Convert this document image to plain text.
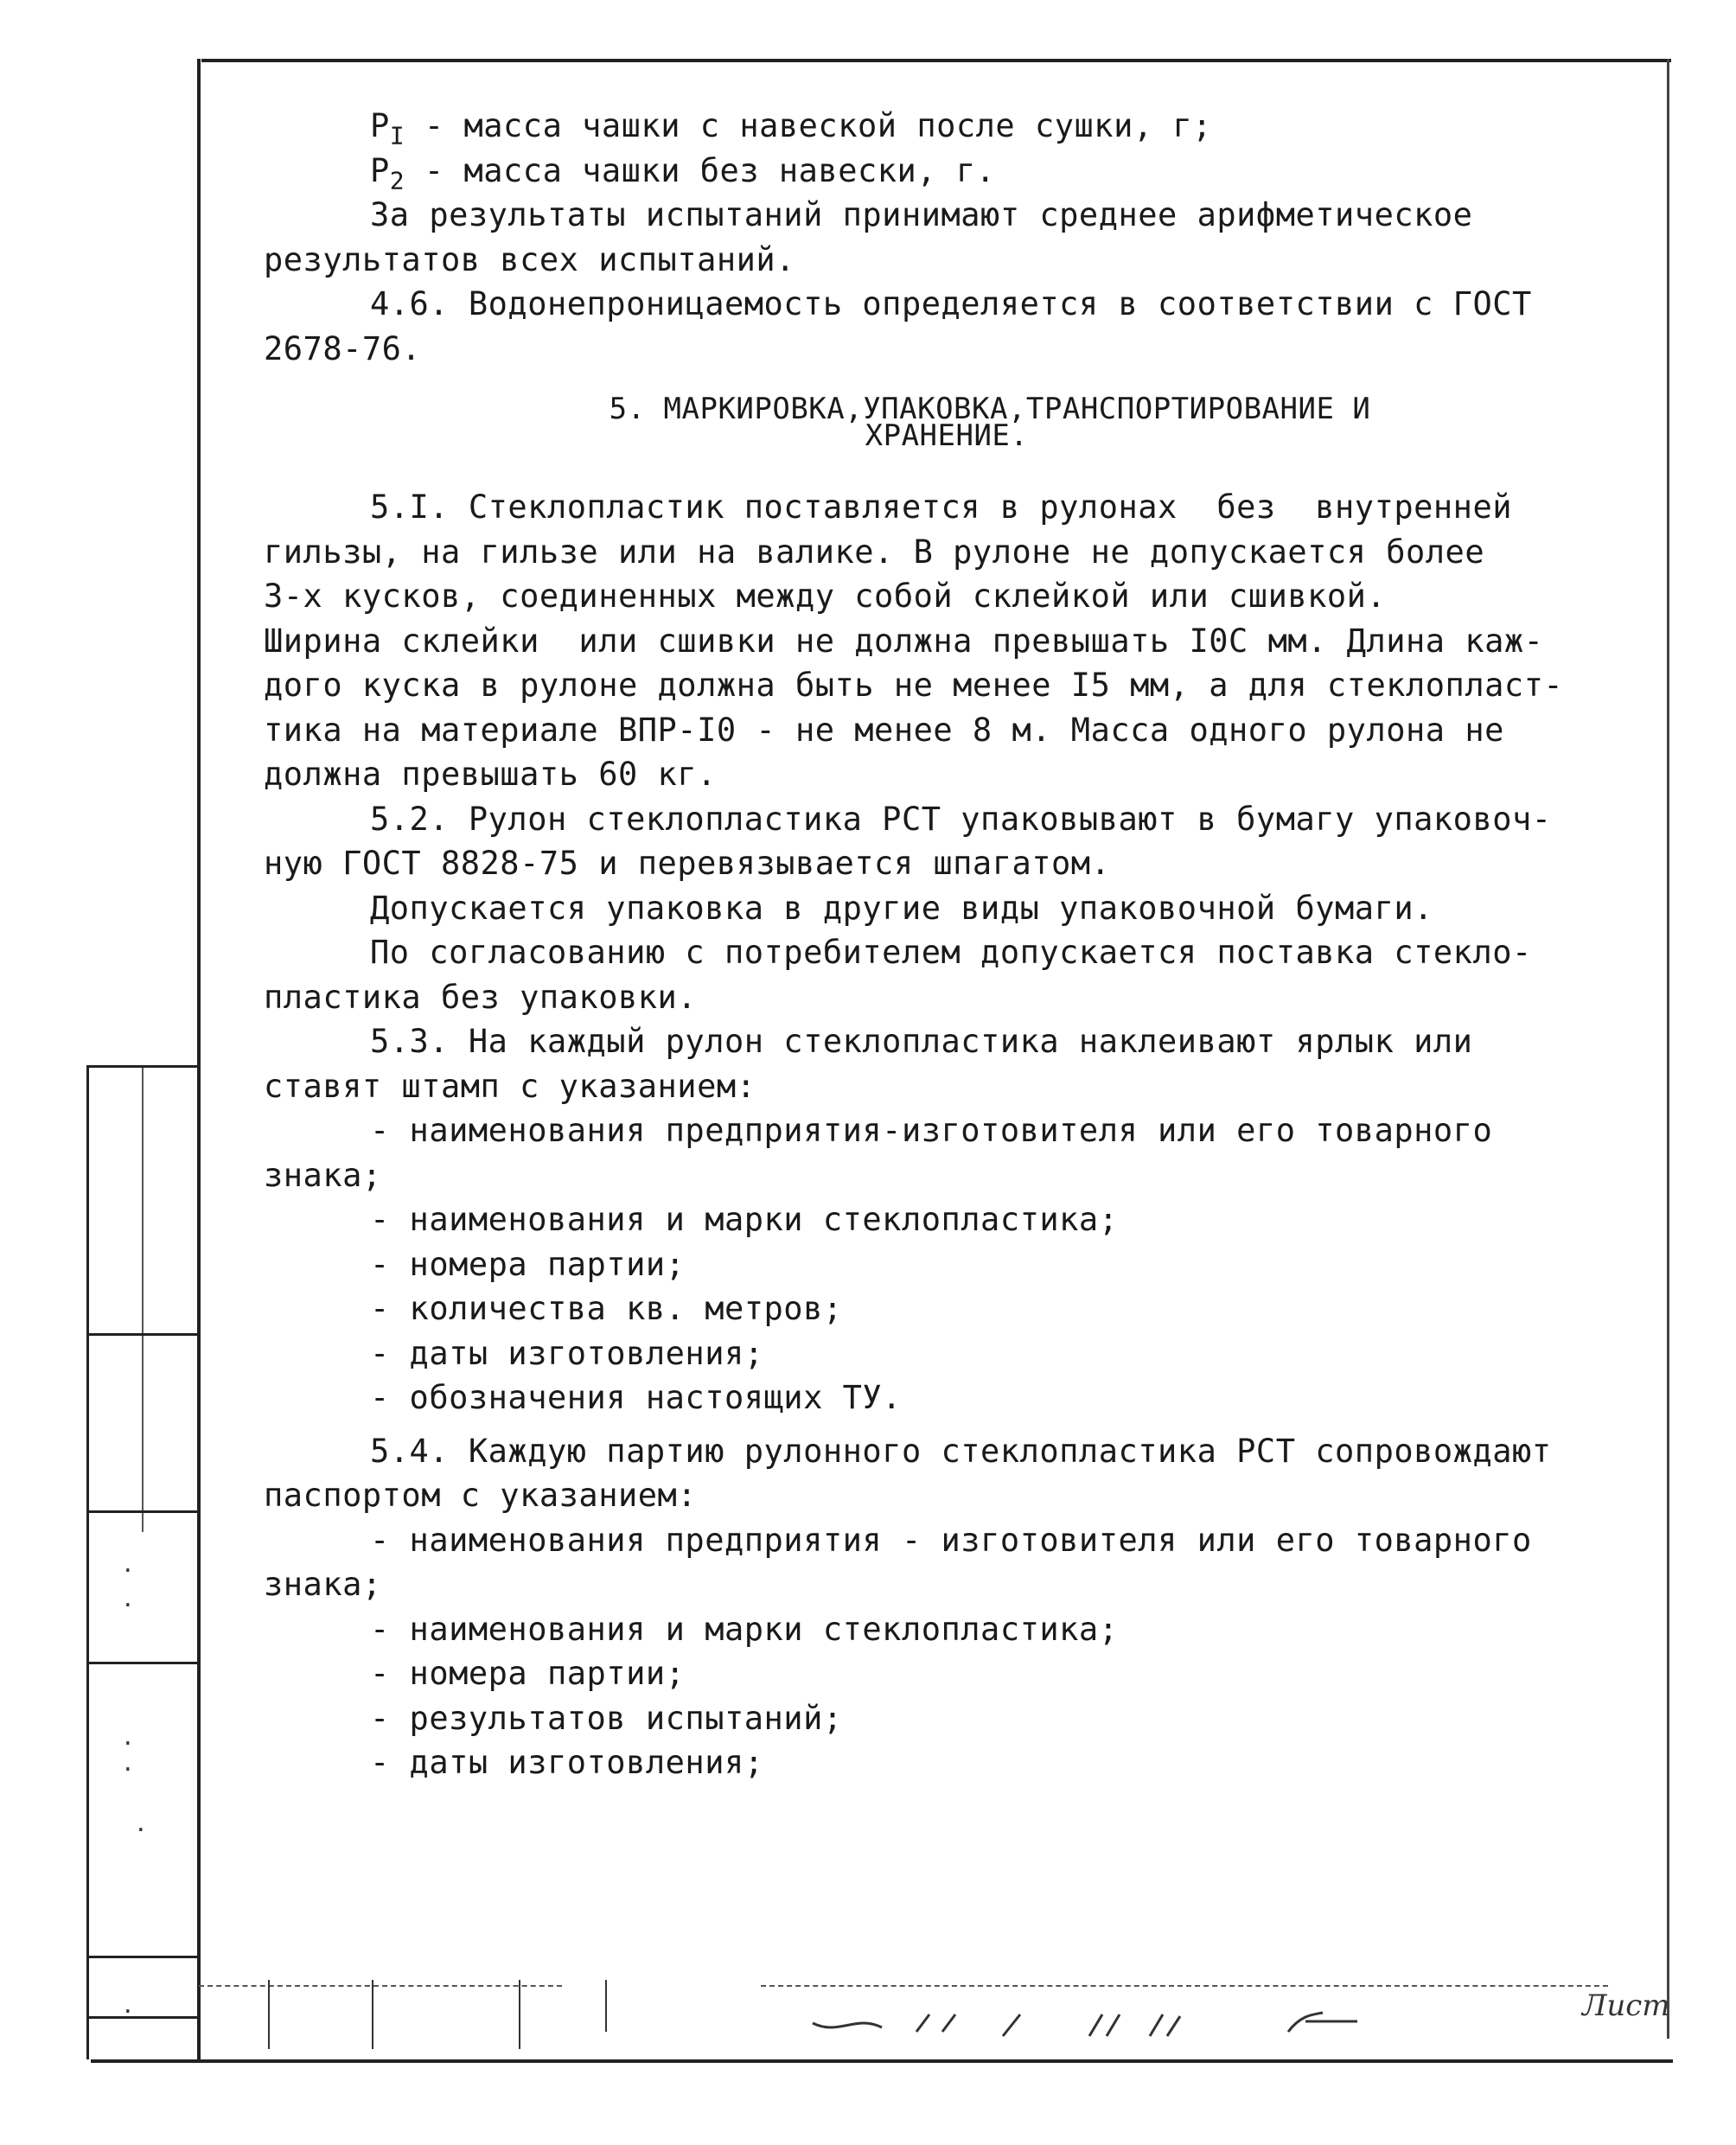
·
·
·
·
·
·
$P_I$ - масса чашки с навеской после сушки, г;
$P_2$ - масса чашки без навески, г.
За результаты испытаний принимают среднее арифметическое
результатов всех испытаний.
4.6. Водонепроницаемость определяется в соответствии с ГОСТ
2678-76.
5. МАРКИРОВКА,УПАКОВКА,ТРАНСПОРТИРОВАНИЕ И
ХРАНЕНИЕ.
5.I. Стеклопластик поставляется в рулонах  без  внутренней
гильзы, на гильзе или на валике. В рулоне не допускается более
3-х кусков, соединенных между собой склейкой или сшивкой.
Ширина склейки  или сшивки не должна превышать I0С мм. Длина каж-
дого куска в рулоне должна быть не менее I5 мм, а для стеклопласт-
тика на материале ВПР-I0 - не менее 8 м. Масса одного рулона не
должна превышать 60 кг.
5.2. Рулон стеклопластика РСТ упаковывают в бумагу упаковоч-
ную ГОСТ 8828-75 и перевязывается шпагатом.
Допускается упаковка в другие виды упаковочной бумаги.
По согласованию с потребителем допускается поставка стекло-
пластика без упаковки.
5.3. На каждый рулон стеклопластика наклеивают ярлык или
ставят штамп с указанием:
- наименования предприятия-изготовителя или его товарного
знака;
- наименования и марки стеклопластика;
- номера партии;
- количества кв. метров;
- даты изготовления;
- обозначения настоящих ТУ.
5.4. Каждую партию рулонного стеклопластика РСТ сопровождают
паспортом с указанием:
- наименования предприятия - изготовителя или его товарного
знака;
- наименования и марки стеклопластика;
- номера партии;
- результатов испытаний;
- даты изготовления;
Лист
